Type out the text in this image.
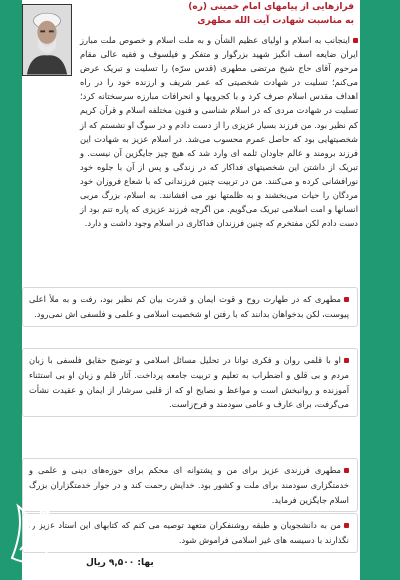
فرازهایی از پیامهای امام خمینی (ره)
به مناسبت شهادت آیت الله مطهری

اینجانب به اسلام و اولیای عظیم الشأن و به ملت اسلام و خصوص ملت مبارز ایران ضایعه اسف انگیز شهید بزرگوار و متفکر و فیلسوف و فقیه عالی مقام مرحوم آقای حاج شیخ مرتضی مطهری (قدس سرّه) را تسلیت و تبریک عرض می‌کنم؛ تسلیت در شهادت شخصیتی که عمر شریف و ارزنده خود را در راه اهداف مقدس اسلام صرف کرد و با کجرویها و انحرافات مبارزه سرسختانه کرد؛ تسلیت در شهادت مردی که در اسلام شناسی و فنون مختلفه اسلام و قرآن کریم کم نظیر بود. من فرزند بسیار عزیزی را از دست دادم و در سوگ او نشستم که از شخصیتهایی بود که حاصل عمرم محسوب می‌شد. در اسلام عزیز به شهادت این فرزند برومند و عالم جاودان ثلمه ای وارد شد که هیچ چیز جایگزین آن نیست. و تبریک از داشتن این شخصیتهای فداکار که در زندگی و پس از آن با جلوه خود نورافشانی کرده و می‌کنند. من در تربیت چنین فرزندانی که با شعاع فروزان خود مردگان را حیات می‌بخشند و به ظلمتها نور می افشانند. به اسلام، بزرگ مربی انسانها و امت اسلامی تبریک می‌گویم. من اگرچه فرزند عزیزی که پاره تنم بود از دست دادم لکن مفتخرم که چنین فرزندان فداکاری در اسلام وجود داشت و دارد.

مطهری که در طهارت روح و قوت ایمان و قدرت بیان کم نظیر بود، رفت و به ملأ اعلی پیوست، لکن بدخواهان بدانند که با رفتن او شخصیت اسلامی و علمی و فلسفی اش نمی‌رود.

او با قلمی روان و فکری توانا در تحلیل مسائل اسلامی و توضیح حقایق فلسفی با زبان مردم و بی قلق و اضطراب به تعلیم و تربیت جامعه پرداخت. آثار قلم و زبان او بی استثناء آموزنده و روانبخش است و مواعظ و نصایح او که از قلبی سرشار از ایمان و عقیدت نشأت می‌گرفت، برای عارف و عامی سودمند و فرح‌زاست.

مطهری فرزندی عزیز برای من و پشتوانه ای محکم برای حوزه‌های دینی و علمی و خدمتگزاری سودمند برای ملت و کشور بود. خدایش رحمت کند و در جوار خدمتگزاران بزرگ اسلام جایگزین فرماید.

من به دانشجویان و طبقه روشنفکران متعهد توصیه می کنم که کتابهای این استاد عزیز را نگذارند با دسیسه های غیر اسلامی فراموش شود.

بها: ۹,۵۰۰ ریال
